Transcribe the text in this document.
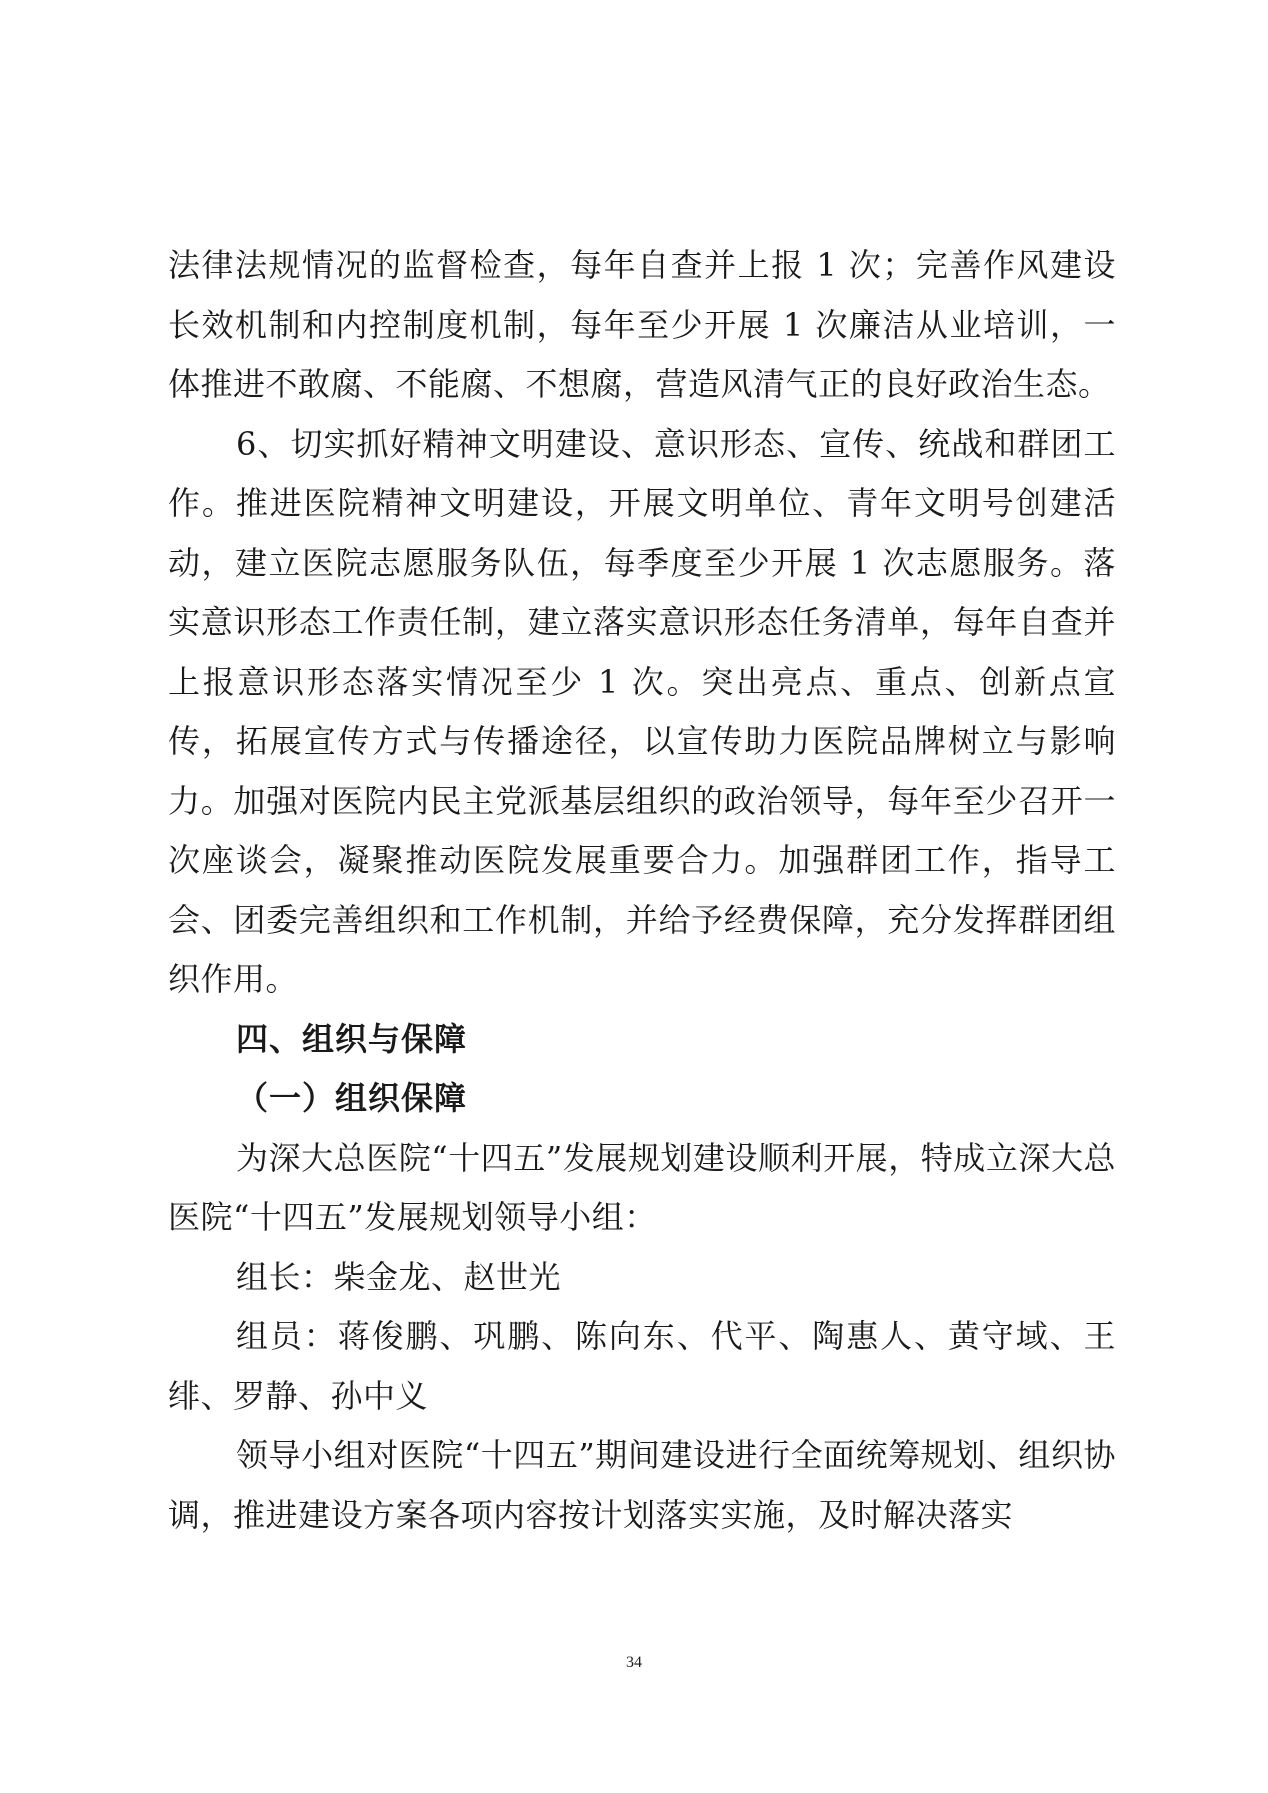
法律法规情况的监督检查，每年自查并上报 1 次；完善作风建设长效机制和内控制度机制，每年至少开展 1 次廉洁从业培训，一体推进不敢腐、不能腐、不想腐，营造风清气正的良好政治生态。

6、切实抓好精神文明建设、意识形态、宣传、统战和群团工作。推进医院精神文明建设，开展文明单位、青年文明号创建活动，建立医院志愿服务队伍，每季度至少开展 1 次志愿服务。落实意识形态工作责任制，建立落实意识形态任务清单，每年自查并上报意识形态落实情况至少 1 次。突出亮点、重点、创新点宣传，拓展宣传方式与传播途径，以宣传助力医院品牌树立与影响力。加强对医院内民主党派基层组织的政治领导，每年至少召开一次座谈会，凝聚推动医院发展重要合力。加强群团工作，指导工会、团委完善组织和工作机制，并给予经费保障，充分发挥群团组织作用。

四、组织与保障

（一）组织保障

为深大总医院“十四五”发展规划建设顺利开展，特成立深大总医院“十四五”发展规划领导小组：

组长：柴金龙、赵世光

组员：蒋俊鹏、巩鹏、陈向东、代平、陶惠人、黄守域、王绯、罗静、孙中义

领导小组对医院“十四五”期间建设进行全面统筹规划、组织协调，推进建设方案各项内容按计划落实实施，及时解决落实

34
